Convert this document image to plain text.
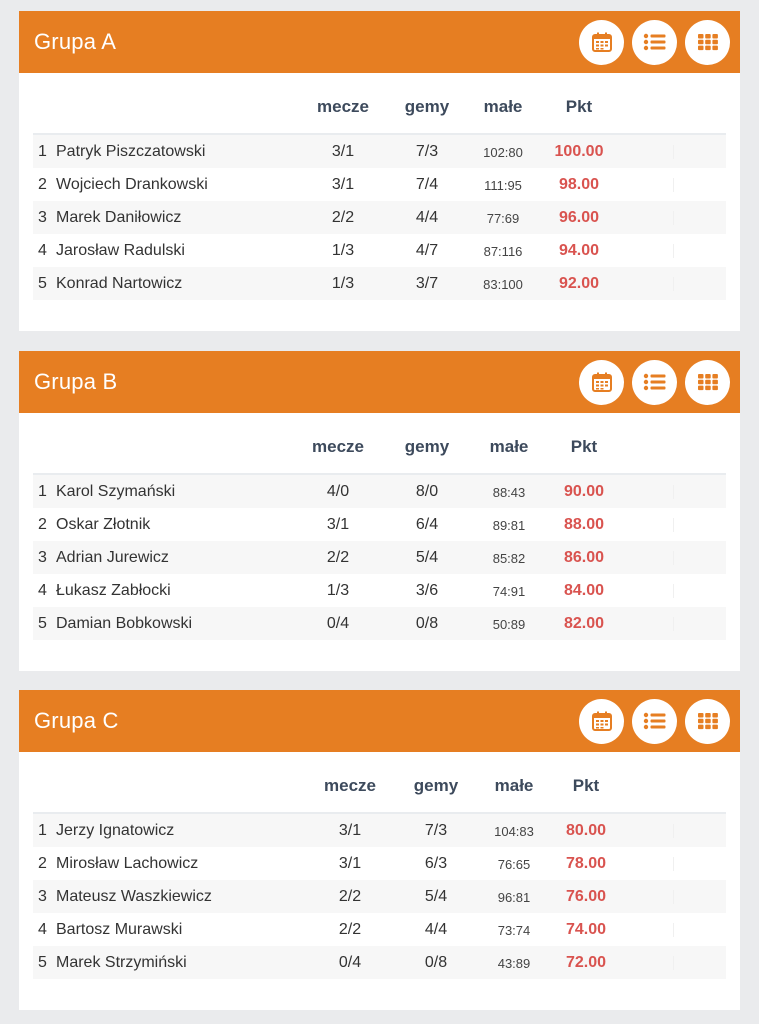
Grupa A
mecze gemy małe	Pkt
1 Patryk Piszczatowski	3/1	7/3	102:80 100.00
2 Wojciech Drankowski	3/1	7/4	111:95 98.00
3 Marek Daniłowicz	2/2	4/4	77:69 96.00
4 Jarosław Radulski	1/3	4/7	87:116 94.00
5 Konrad Nartowicz	1/3	3/7	83:100 92.00
Grupa B
mecze gemy małe Pkt
1 Karol Szymański	4/0	8/0	88:43 90.00
2 Oskar Złotnik	3/1	6/4	89:81 88.00
3 Adrian Jurewicz	2/2	5/4	85:82 86.00
4 Łukasz Zabłocki	1/3	3/6	74:91 84.00
5 Damian Bobkowski	0/4	0/8	50:89 82.00
Grupa C
mecze gemy małe Pkt
1 Jerzy Ignatowicz	3/1	7/3	104:83 80.00
2 Mirosław Lachowicz	3/1	6/3	76:65 78.00
3 Mateusz Waszkiewicz	2/2	5/4	96:81 76.00
4 Bartosz Murawski	2/2	4/4	73:74 74.00
5 Marek Strzymiński	0/4	0/8	43:89 72.00
